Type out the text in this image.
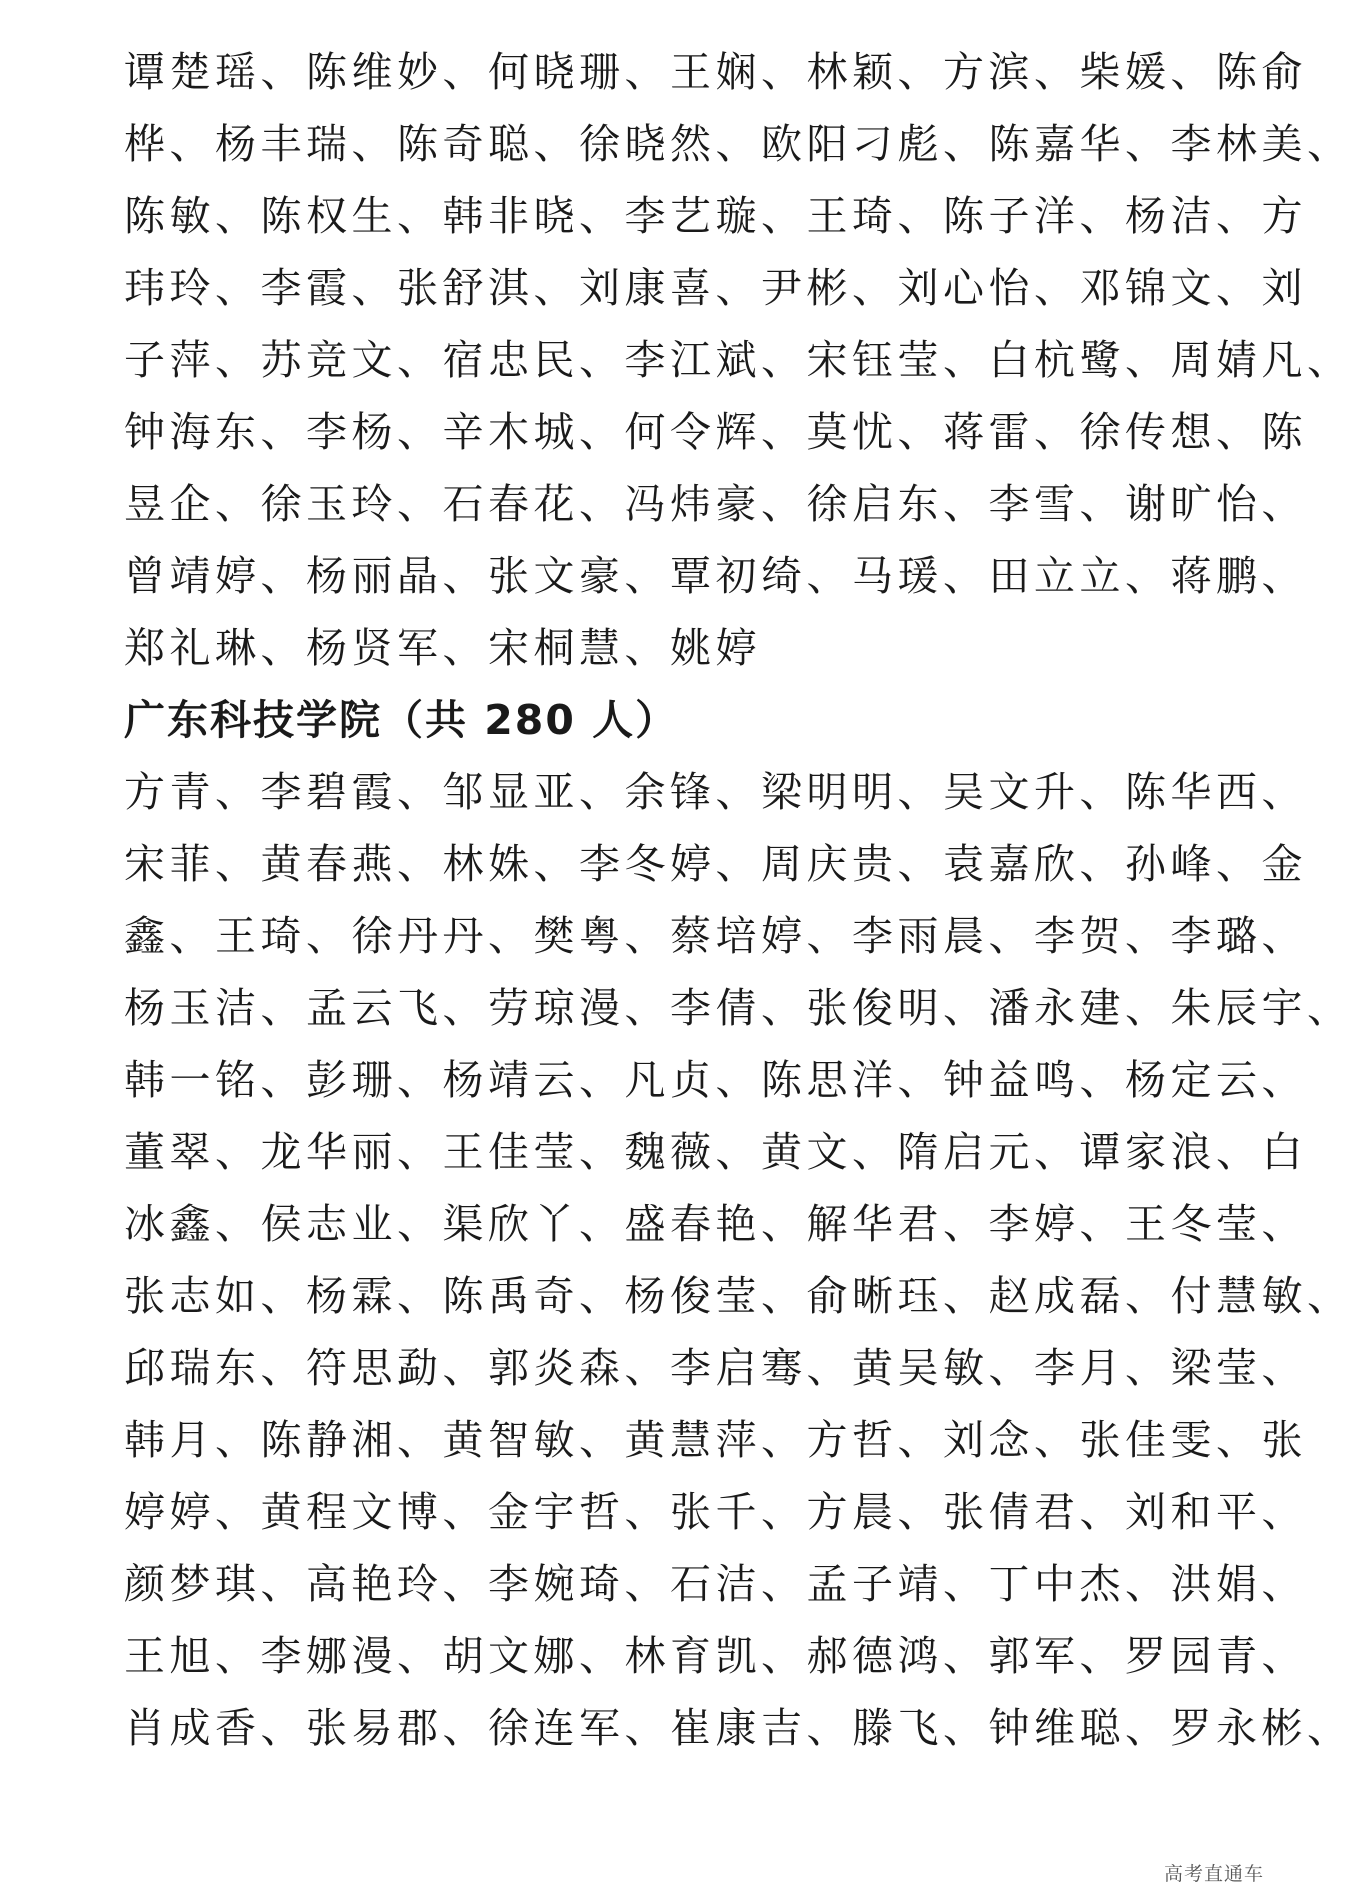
谭楚瑶、陈维妙、何晓珊、王娴、林颖、方滨、柴媛、陈俞
桦、杨丰瑞、陈奇聪、徐晓然、欧阳刁彪、陈嘉华、李林美、
陈敏、陈权生、韩非晓、李艺璇、王琦、陈子洋、杨洁、方
玮玲、李霞、张舒淇、刘康喜、尹彬、刘心怡、邓锦文、刘
子萍、苏竞文、宿忠民、李江斌、宋钰莹、白杭鹭、周婧凡、
钟海东、李杨、辛木城、何令辉、莫忧、蒋雷、徐传想、陈
昱企、徐玉玲、石春花、冯炜豪、徐启东、李雪、谢旷怡、
曾靖婷、杨丽晶、张文豪、覃初绮、马瑗、田立立、蒋鹏、
郑礼琳、杨贤军、宋桐慧、姚婷
广东科技学院（共 280 人）
方青、李碧霞、邹显亚、余锋、梁明明、吴文升、陈华西、
宋菲、黄春燕、林姝、李冬婷、周庆贵、袁嘉欣、孙峰、金
鑫、王琦、徐丹丹、樊粤、蔡培婷、李雨晨、李贺、李璐、
杨玉洁、孟云飞、劳琼漫、李倩、张俊明、潘永建、朱辰宇、
韩一铭、彭珊、杨靖云、凡贞、陈思洋、钟益鸣、杨定云、
董翠、龙华丽、王佳莹、魏薇、黄文、隋启元、谭家浪、白
冰鑫、侯志业、渠欣丫、盛春艳、解华君、李婷、王冬莹、
张志如、杨霖、陈禹奇、杨俊莹、俞晰珏、赵成磊、付慧敏、
邱瑞东、符思勐、郭炎森、李启骞、黄吴敏、李月、梁莹、
韩月、陈静湘、黄智敏、黄慧萍、方哲、刘念、张佳雯、张
婷婷、黄程文博、金宇哲、张千、方晨、张倩君、刘和平、
颜梦琪、高艳玲、李婉琦、石洁、孟子靖、丁中杰、洪娟、
王旭、李娜漫、胡文娜、林育凯、郝德鸿、郭军、罗园青、
肖成香、张易郡、徐连军、崔康吉、滕飞、钟维聪、罗永彬、
高考直通车
